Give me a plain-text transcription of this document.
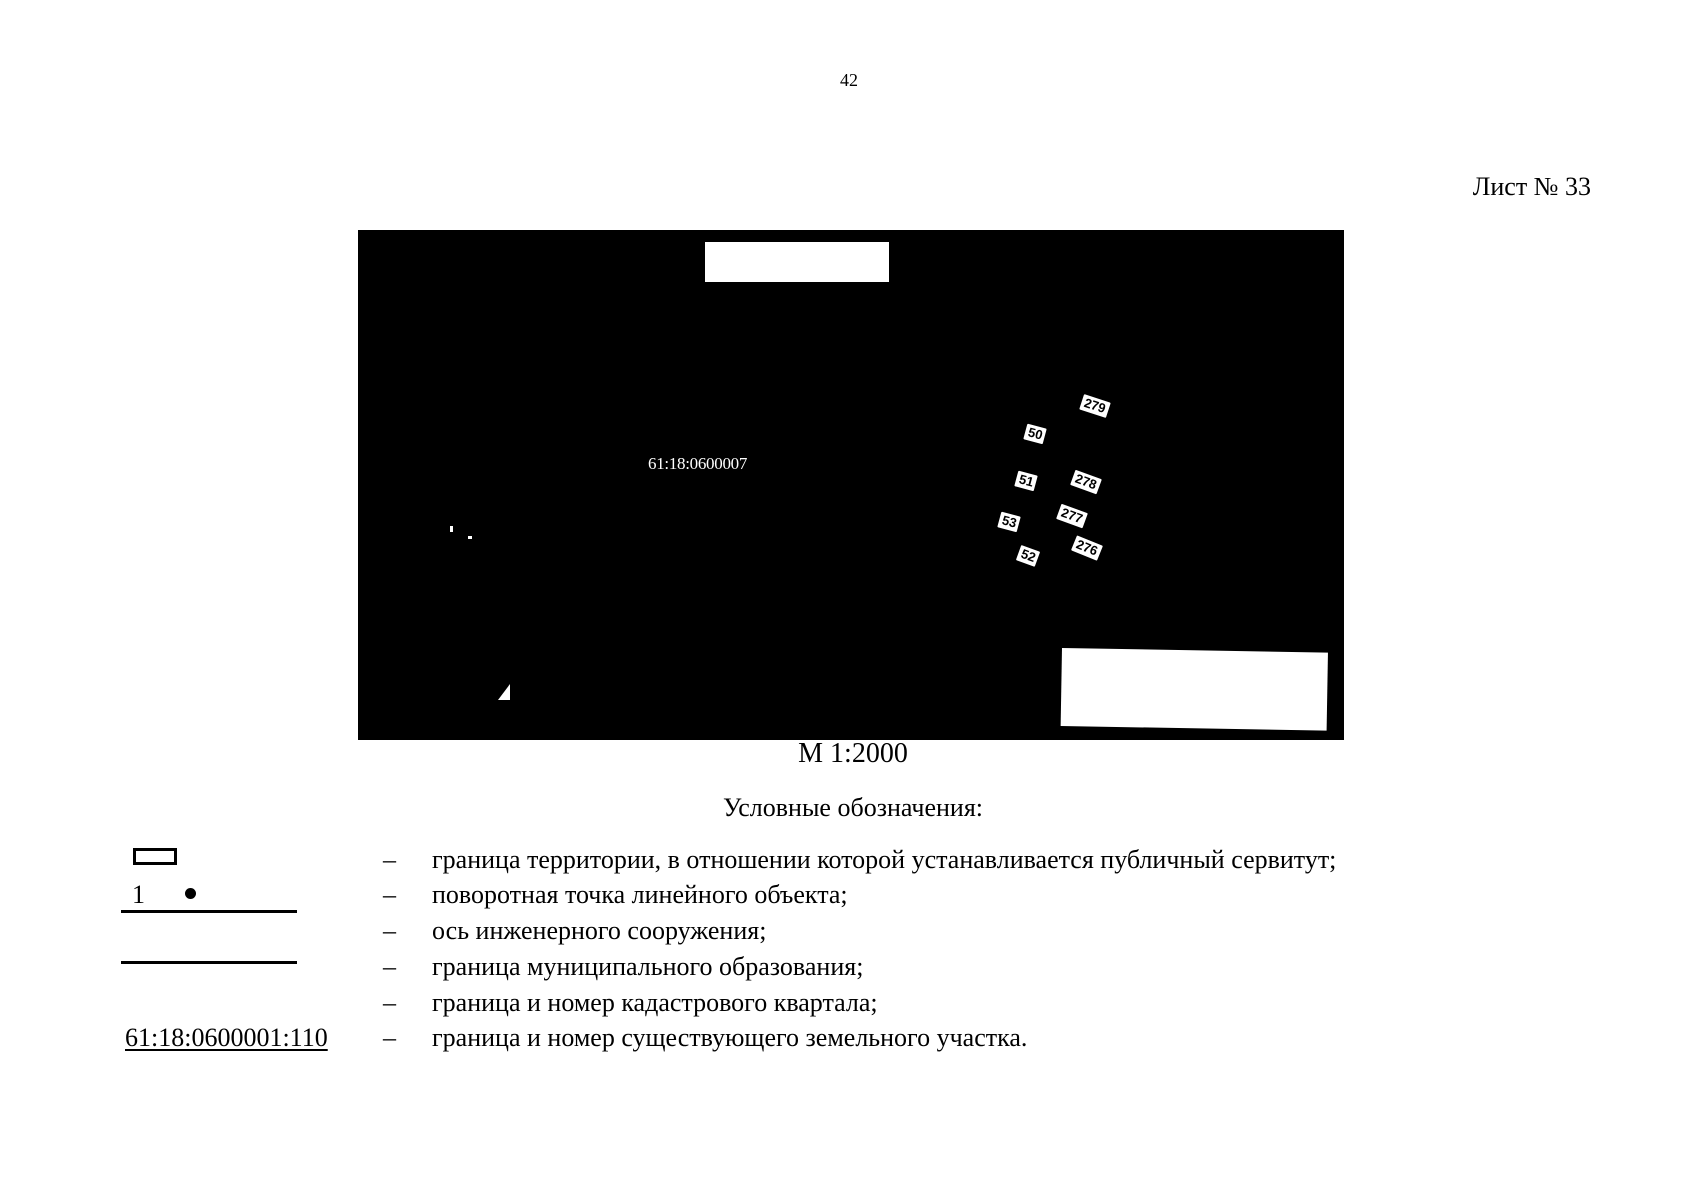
42
Лист № 33
61:18:0600007
279
50
51	278
277
53
52	276
М 1:2000
Условные обозначения:
– граница территории, в отношении которой устанавливается публичный сервитут;
1	– поворотная точка линейного объекта;
– ось инженерного сооружения;
– граница муниципального образования;
– граница и номер кадастрового квартала;
61:18:0600001:110 – граница и номер существующего земельного участка.
